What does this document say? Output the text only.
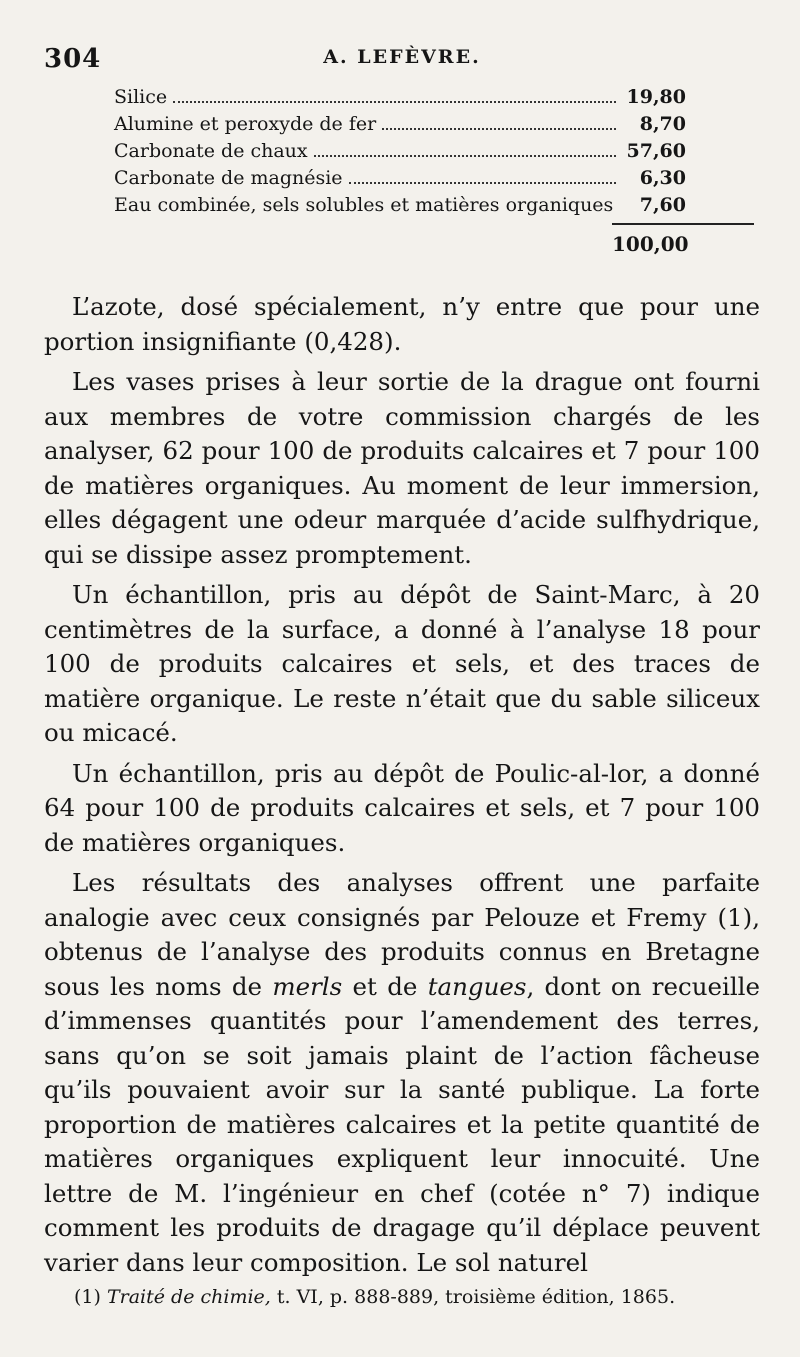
304	A. LEFÈVRE.
Silice	19,80
Alumine et peroxyde de fer	8,70
Carbonate de chaux	57,60
Carbonate de magnésie	6,30
Eau combinée, sels solubles et matières organiques	7,60
100,00

L’azote, dosé spécialement, n’y entre que pour une portion insignifiante (0,428).

Les vases prises à leur sortie de la drague ont fourni aux membres de votre commission chargés de les analyser, 62 pour 100 de produits calcaires et 7 pour 100 de matières organiques. Au moment de leur immersion, elles dégagent une odeur marquée d’acide sulfhydrique, qui se dissipe assez promptement.

Un échantillon, pris au dépôt de Saint-Marc, à 20 centimètres de la surface, a donné à l’analyse 18 pour 100 de produits calcaires et sels, et des traces de matière organique. Le reste n’était que du sable siliceux ou micacé.

Un échantillon, pris au dépôt de Poulic-al-lor, a donné 64 pour 100 de produits calcaires et sels, et 7 pour 100 de matières organiques.

Les résultats des analyses offrent une parfaite analogie avec ceux consignés par Pelouze et Fremy (1), obtenus de l’analyse des produits connus en Bretagne sous les noms de merls et de tangues, dont on recueille d’immenses quantités pour l’amendement des terres, sans qu’on se soit jamais plaint de l’action fâcheuse qu’ils pouvaient avoir sur la santé publique. La forte proportion de matières calcaires et la petite quantité de matières organiques expliquent leur innocuité. Une lettre de M. l’ingénieur en chef (cotée n° 7) indique comment les produits de dragage qu’il déplace peuvent varier dans leur composition. Le sol naturel

(1) Traité de chimie, t. VI, p. 888-889, troisième édition, 1865.
